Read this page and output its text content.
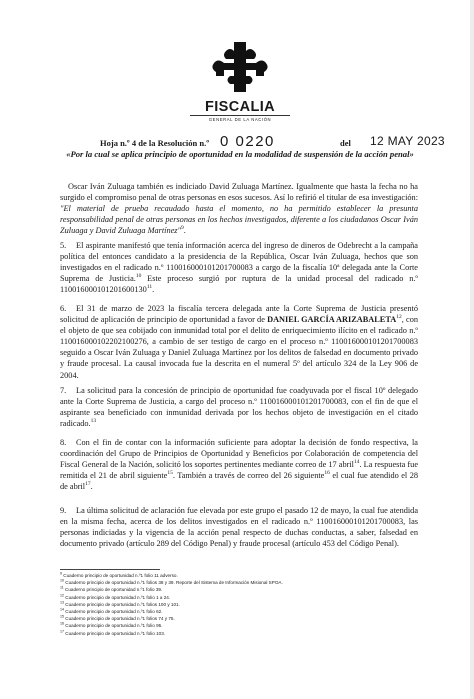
FISCALIA
GENERAL DE LA NACIÓN
Hoja n.º 4 de la Resolución n.º 0 0220	del 12 MAY 2023
«Por la cual se aplica principio de oportunidad en la modalidad de suspensión de la acción penal»
Oscar Iván Zuluaga también es indiciado David Zuluaga Martínez. Igualmente que hasta la fecha no ha surgido el compromiso penal de otras personas en esos sucesos. Así lo refirió el titular de esa investigación: "El material de prueba recaudado hasta el momento, no ha permitido establecer la presunta responsabilidad penal de otras personas en los hechos investigados, diferente a los ciudadanos Oscar Iván Zuluaga y David Zuluaga Martínez"$^9$.
5.	El aspirante manifestó que tenía información acerca del ingreso de dineros de Odebrecht a la campaña política del entonces candidato a la presidencia de la República, Oscar Iván Zuluaga, hechos que son investigados en el radicado n.º 110016000101201700083 a cargo de la fiscalía 10ª delegada ante la Corte Suprema de Justicia.$^{10}$ Este proceso surgió por ruptura de la unidad procesal del radicado n.º 110016000101201600130$^{11}$.
6.	El 31 de marzo de 2023 la fiscalía tercera delegada ante la Corte Suprema de Justicia presentó solicitud de aplicación de principio de oportunidad a favor de DANIEL GARCÍA ARIZABALETA$^{12}$, con el objeto de que sea cobijado con inmunidad total por el delito de enriquecimiento ilícito en el radicado n.º 110016000102202100276, a cambio de ser testigo de cargo en el proceso n.º 110016000101201700083 seguido a Oscar Iván Zuluaga y Daniel Zuluaga Martínez por los delitos de falsedad en documento privado y fraude procesal. La causal invocada fue la descrita en el numeral 5º del artículo 324 de la Ley 906 de 2004.
7.	La solicitud para la concesión de principio de oportunidad fue coadyuvada por el fiscal 10º delegado ante la Corte Suprema de Justicia, a cargo del proceso n.º 110016000101201700083, con el fin de que el aspirante sea beneficiado con inmunidad derivada por los hechos objeto de investigación en el citado radicado.$^{13}$
8.	Con el fin de contar con la información suficiente para adoptar la decisión de fondo respectiva, la coordinación del Grupo de Principios de Oportunidad y Beneficios por Colaboración de competencia del Fiscal General de la Nación, solicitó los soportes pertinentes mediante correo de 17 abril$^{14}$. La respuesta fue remitida el 21 de abril siguiente$^{15}$. También a través de correo del 26 siguiente$^{16}$ el cual fue atendido el 28 de abril$^{17}$.
9.	La última solicitud de aclaración fue elevada por este grupo el pasado 12 de mayo, la cual fue atendida en la misma fecha, acerca de los delitos investigados en el radicado n.º 110016000101201700083, las personas indiciadas y la vigencia de la acción penal respecto de duchas conductas, a saber, falsedad en documento privado (artículo 289 del Código Penal) y fraude procesal (artículo 453 del Código Penal).
$^9$ Cuaderno principio de oportunidad n.º1 folio 11 adverso.
$^{10}$ Cuaderno principio de oportunidad n.º1 folios 38 y 39. Reporte del Sistema de Información Misional SPOA.
$^{11}$ Cuaderno principio de oportunidad n.º1 folio 39.
$^{12}$ Cuaderno principio de oportunidad n.º1 folio 1 a 24.
$^{13}$ Cuaderno principio de oportunidad n.º1 folios 100 y 101.
$^{14}$ Cuaderno principio de oportunidad n.º1 folio 62.
$^{15}$ Cuaderno principio de oportunidad n.º1 folios 74 y 75.
$^{16}$ Cuaderno principio de oportunidad n.º1 folio 95.
$^{17}$ Cuaderno principio de oportunidad n.º1 folio 103.
